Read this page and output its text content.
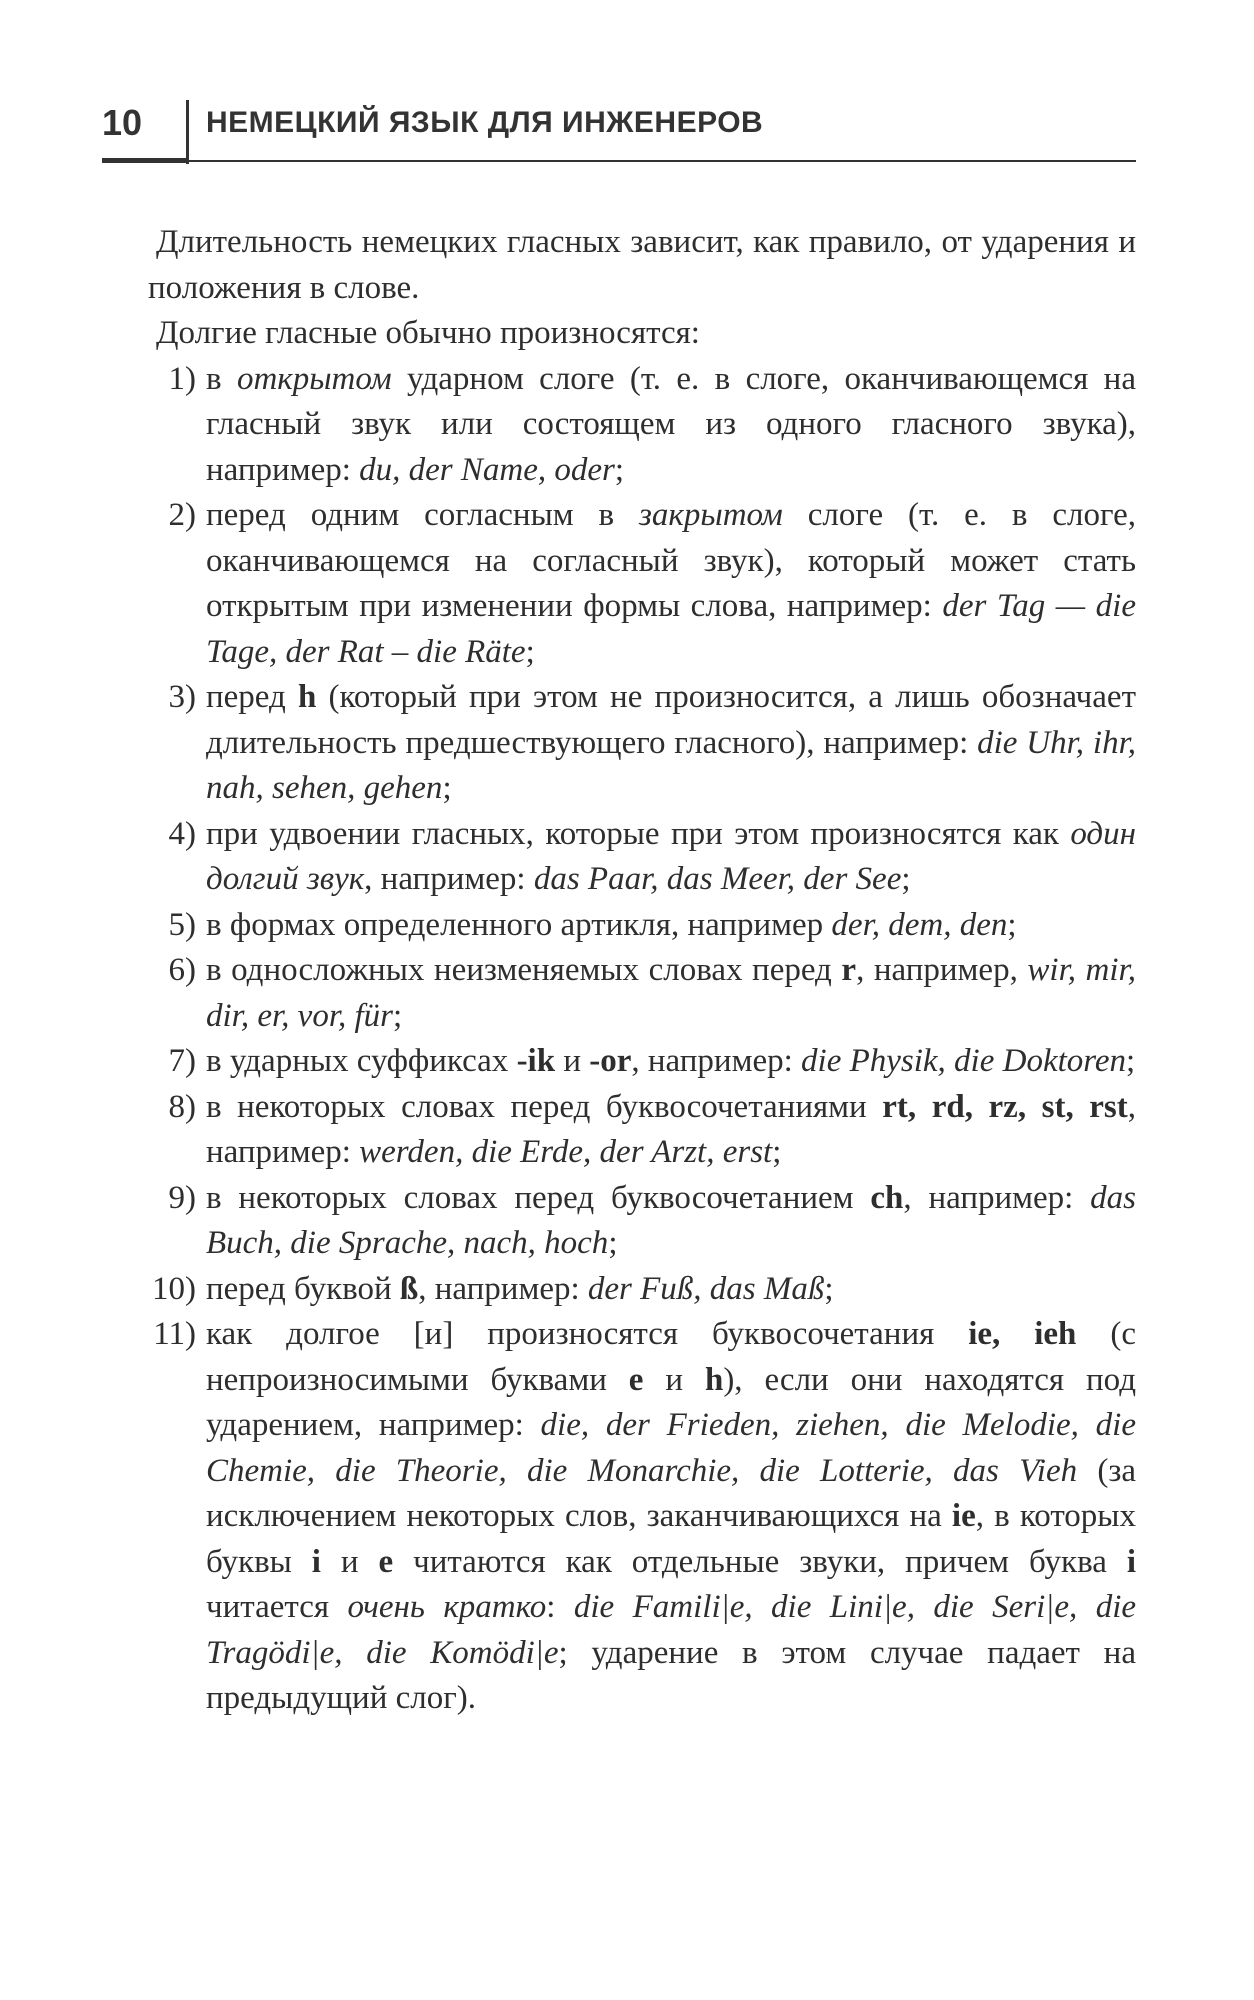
10 НЕМЕЦКИЙ ЯЗЫК ДЛЯ ИНЖЕНЕРОВ

Длительность немецких гласных зависит, как правило, от ударения и положения в слове.

Долгие гласные обычно произносятся:

1) в открытом ударном слоге (т. е. в слоге, оканчивающемся на гласный звук или состоящем из одного гласного звука), например: du, der Name, oder;
2) перед одним согласным в закрытом слоге (т. е. в слоге, оканчивающемся на согласный звук), который может стать открытым при изменении формы слова, например: der Tag — die Tage, der Rat – die Räte;
3) перед h (который при этом не произносится, а лишь обозначает длительность предшествующего гласного), например: die Uhr, ihr, nah, sehen, gehen;
4) при удвоении гласных, которые при этом произносятся как один долгий звук, например: das Paar, das Meer, der See;
5) в формах определенного артикля, например der, dem, den;
6) в односложных неизменяемых словах перед r, например, wir, mir, dir, er, vor, für;
7) в ударных суффиксах -ik и -or, например: die Physik, die Doktoren;
8) в некоторых словах перед буквосочетаниями rt, rd, rz, st, rst, например: werden, die Erde, der Arzt, erst;
9) в некоторых словах перед буквосочетанием ch, например: das Buch, die Sprache, nach, hoch;
10) перед буквой ß, например: der Fuß, das Maß;
11) как долгое [и] произносятся буквосочетания ie, ieh (с непроизносимыми буквами e и h), если они находятся под ударением, например: die, der Frieden, ziehen, die Melodie, die Chemie, die Theorie, die Monarchie, die Lotterie, das Vieh (за исключением некоторых слов, заканчивающихся на ie, в которых буквы i и e читаются как отдельные звуки, причем буква i читается очень кратко: die Famili|e, die Lini|e, die Seri|e, die Tragödi|e, die Komödi|e; ударение в этом случае падает на предыдущий слог).
